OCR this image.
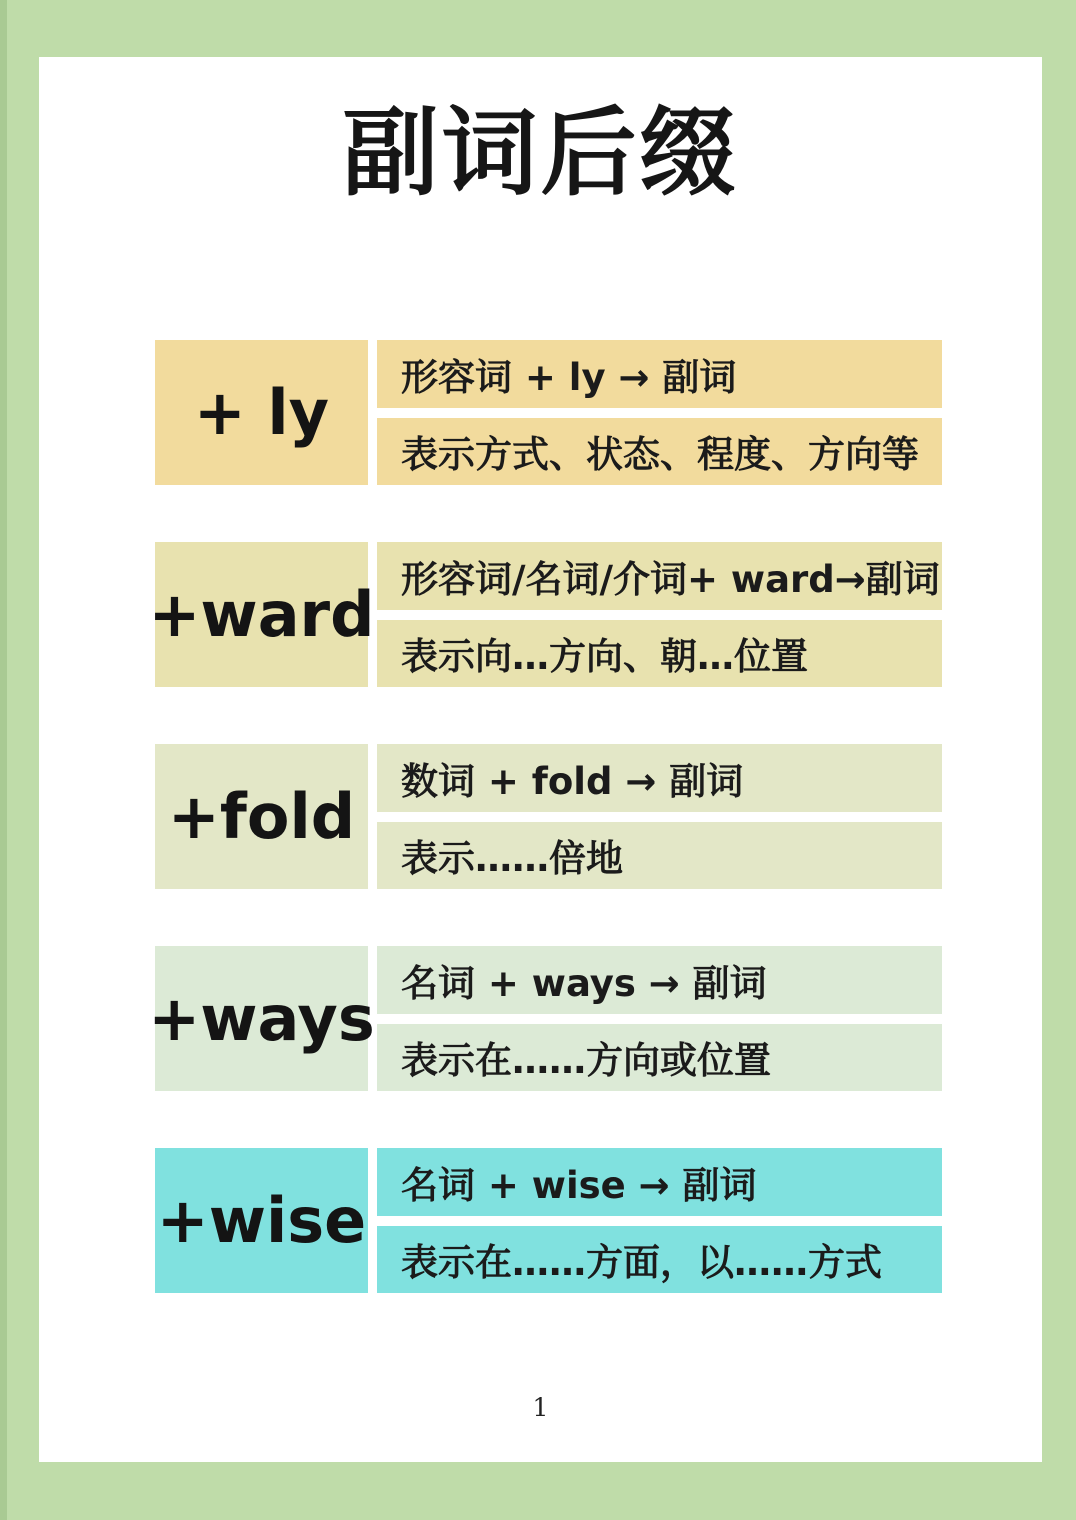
副词后缀
+ ly	形容词 + ly → 副词
表示方式、状态、程度、方向等
+ward 形容词/名词/介词+ ward→副词
表示向…方向、朝…位置
+fold	数词 + fold → 副词
表示……倍地
+ways 名词 + ways → 副词
表示在……方向或位置
+wise 名词 + wise → 副词
表示在……方面，以……方式
1
